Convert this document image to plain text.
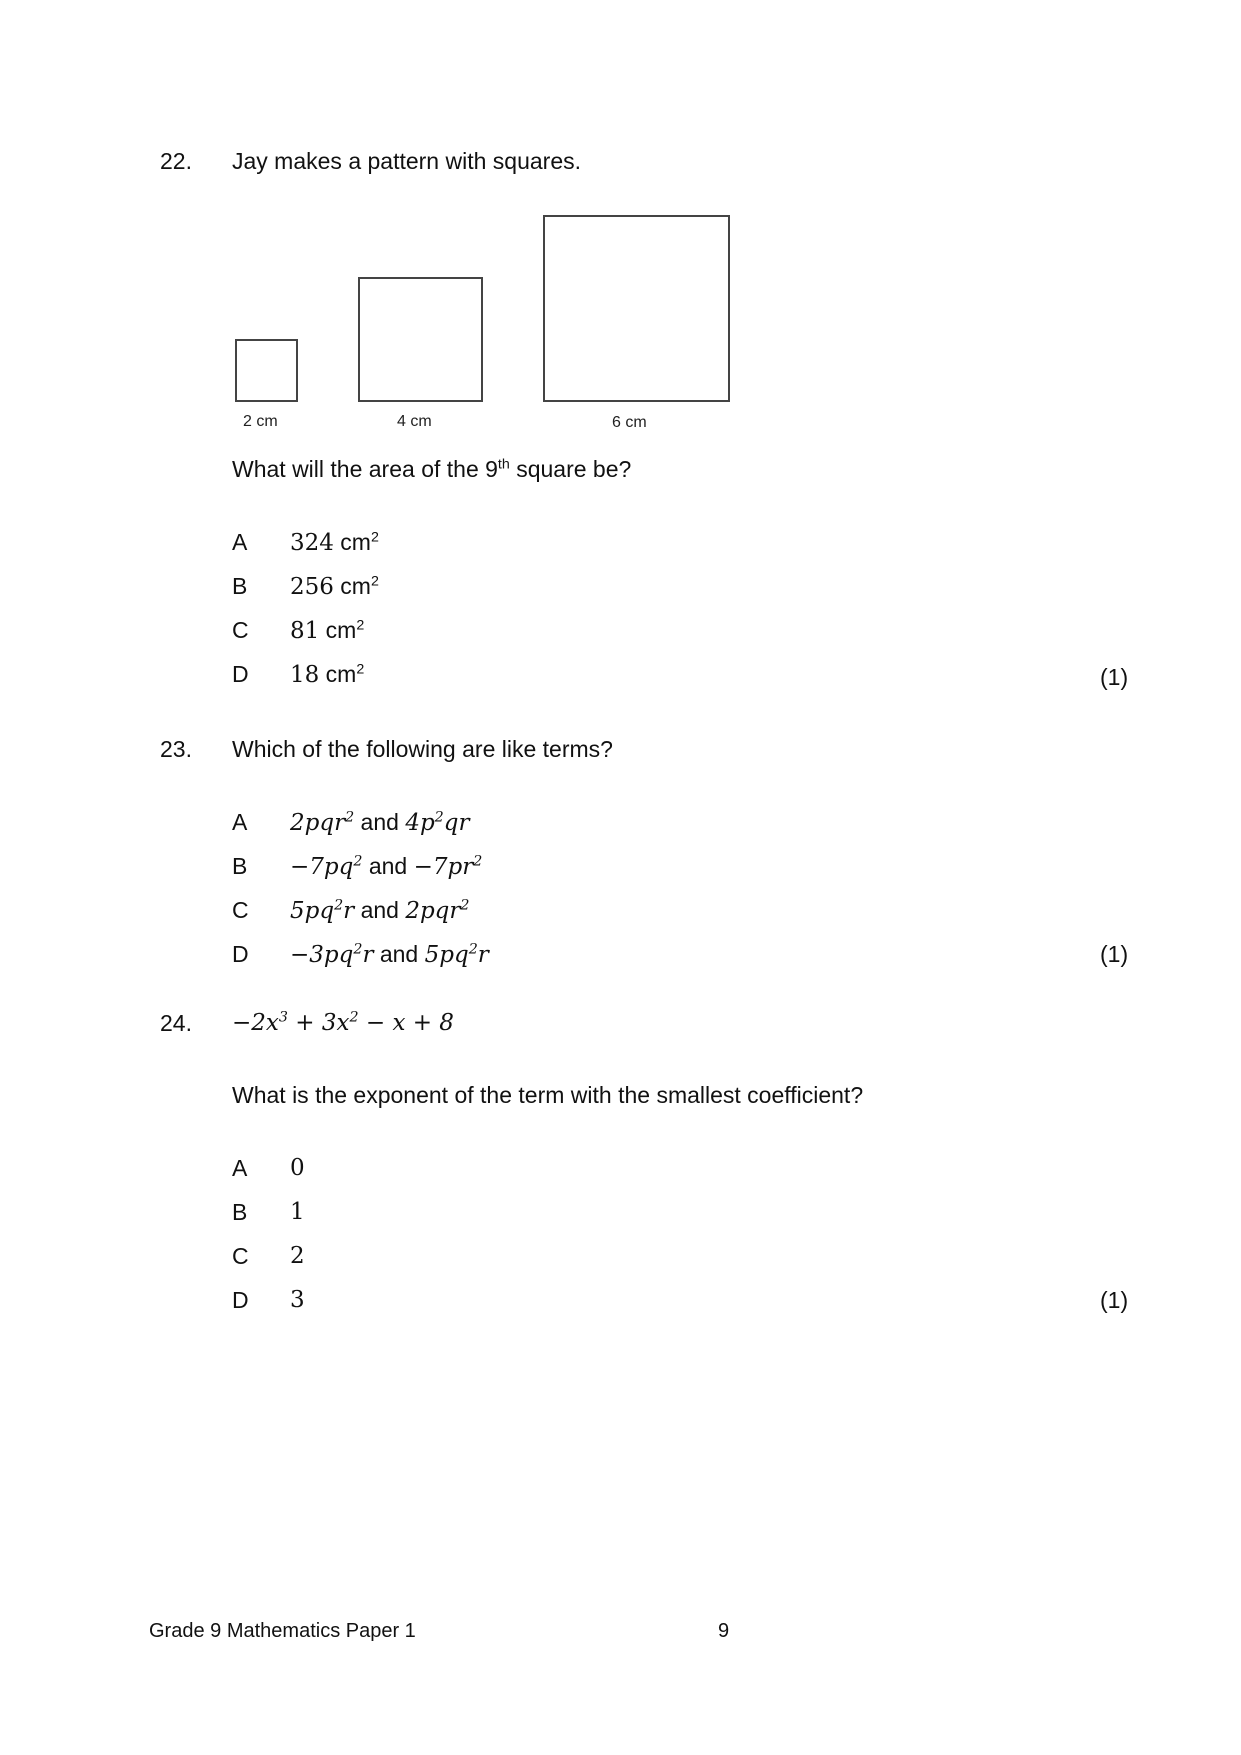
22. Jay makes a pattern with squares.
2 cm	4 cm	6 cm
What will the area of the 9th square be?
A 324 $cm^2$
B 256 $cm^2$
C 81 $cm^2$
D 18 $cm^2$	(1)
23. Which of the following are like terms?
A 2pqr$^2$ and $4p^2qr$
$B -7pq^2$ and $-7pr^2$
C $5pq^2r$ and 2pqr$^2$
$D -3pq^2r$ and $5pq^2r$	(1)
24. $-2x^3 + 3x^2 - x + 8$
What is the exponent of the term with the smallest coefficient?
A 0
B 1
C 2
D 3	(1)
Grade 9 Mathematics Paper 1	9
